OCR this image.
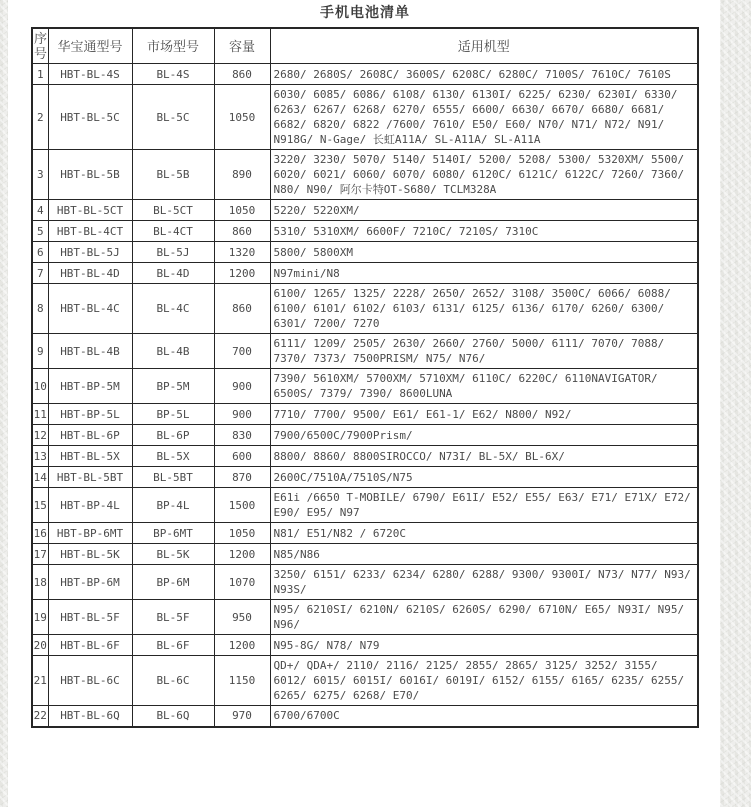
手机电池清单
序号	华宝通型号	市场型号	容量	适用机型
1	HBT-BL-4S	BL-4S	860	2680/ 2680S/ 2608C/ 3600S/ 6208C/ 6280C/ 7100S/ 7610C/ 7610S
2	HBT-BL-5C	BL-5C	1050	6030/ 6085/ 6086/ 6108/ 6130/ 6130I/ 6225/ 6230/ 6230I/ 6330/ 6263/ 6267/ 6268/ 6270/ 6555/ 6600/ 6630/ 6670/ 6680/ 6681/ 6682/ 6820/ 6822 /7600/ 7610/ E50/ E60/ N70/ N71/ N72/ N91/ N918G/ N-Gage/ 长虹A11A/ SL-A11A/ SL-A11A
3	HBT-BL-5B	BL-5B	890	3220/ 3230/ 5070/ 5140/ 5140I/ 5200/ 5208/ 5300/ 5320XM/ 5500/ 6020/ 6021/ 6060/ 6070/ 6080/ 6120C/ 6121C/ 6122C/ 7260/ 7360/ N80/ N90/ 阿尔卡特OT-S680/ TCLM328A
4	HBT-BL-5CT	BL-5CT	1050	5220/ 5220XM/
5	HBT-BL-4CT	BL-4CT	860	5310/ 5310XM/ 6600F/ 7210C/ 7210S/ 7310C
6	HBT-BL-5J	BL-5J	1320	5800/ 5800XM
7	HBT-BL-4D	BL-4D	1200	N97mini/N8
8	HBT-BL-4C	BL-4C	860	6100/ 1265/ 1325/ 2228/ 2650/ 2652/ 3108/ 3500C/ 6066/ 6088/ 6100/ 6101/ 6102/ 6103/ 6131/ 6125/ 6136/ 6170/ 6260/ 6300/ 6301/ 7200/ 7270
9	HBT-BL-4B	BL-4B	700	6111/ 1209/ 2505/ 2630/ 2660/ 2760/ 5000/ 6111/ 7070/ 7088/ 7370/ 7373/ 7500PRISM/ N75/ N76/
10	HBT-BP-5M	BP-5M	900	7390/ 5610XM/ 5700XM/ 5710XM/ 6110C/ 6220C/ 6110NAVIGATOR/ 6500S/ 7379/ 7390/ 8600LUNA
11	HBT-BP-5L	BP-5L	900	7710/ 7700/ 9500/ E61/ E61-1/ E62/ N800/ N92/
12	HBT-BL-6P	BL-6P	830	7900/6500C/7900Prism/
13	HBT-BL-5X	BL-5X	600	8800/ 8860/ 8800SIROCCO/ N73I/ BL-5X/ BL-6X/
14	HBT-BL-5BT	BL-5BT	870	2600C/7510A/7510S/N75
15	HBT-BP-4L	BP-4L	1500	E61i /6650 T-MOBILE/ 6790/ E61I/ E52/ E55/ E63/ E71/ E71X/ E72/ E90/ E95/ N97
16	HBT-BP-6MT	BP-6MT	1050	N81/ E51/N82 / 6720C
17	HBT-BL-5K	BL-5K	1200	N85/N86
18	HBT-BP-6M	BP-6M	1070	3250/ 6151/ 6233/ 6234/ 6280/ 6288/ 9300/ 9300I/ N73/ N77/ N93/ N93S/
19	HBT-BL-5F	BL-5F	950	N95/ 6210SI/ 6210N/ 6210S/ 6260S/ 6290/ 6710N/ E65/ N93I/ N95/ N96/
20	HBT-BL-6F	BL-6F	1200	N95-8G/ N78/ N79
21	HBT-BL-6C	BL-6C	1150	QD+/ QDA+/ 2110/ 2116/ 2125/ 2855/ 2865/ 3125/ 3252/ 3155/ 6012/ 6015/ 6015I/ 6016I/ 6019I/ 6152/ 6155/ 6165/ 6235/ 6255/ 6265/ 6275/ 6268/ E70/
22	HBT-BL-6Q	BL-6Q	970	6700/6700C
